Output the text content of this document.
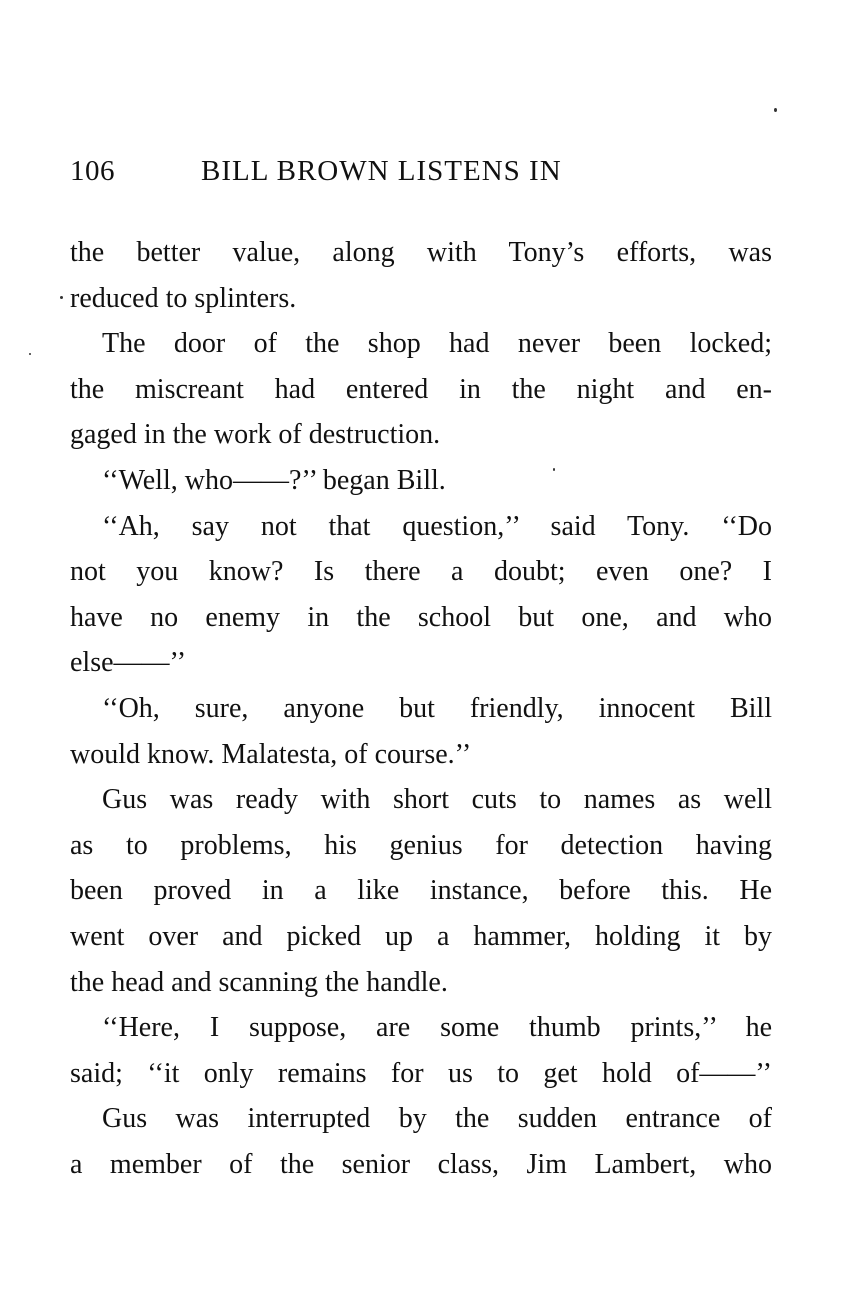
106	BILL BROWN LISTENS IN
the better value, along with Tony’s efforts, was
reduced to splinters.
The door of the shop had never been locked;
the miscreant had entered in the night and en-
gaged in the work of destruction.
‘‘Well, who——?’’ began Bill.
‘‘Ah, say not that question,’’ said Tony. ‘‘Do
not you know? Is there a doubt; even one? I
have no enemy in the school but one, and who
else——’’
‘‘Oh, sure, anyone but friendly, innocent Bill
would know. Malatesta, of course.’’
Gus was ready with short cuts to names as well
as to problems, his genius for detection having
been proved in a like instance, before this. He
went over and picked up a hammer, holding it by
the head and scanning the handle.
‘‘Here, I suppose, are some thumb prints,’’ he
said; ‘‘it only remains for us to get hold of——’’
Gus was interrupted by the sudden entrance of
a member of the senior class, Jim Lambert, who
